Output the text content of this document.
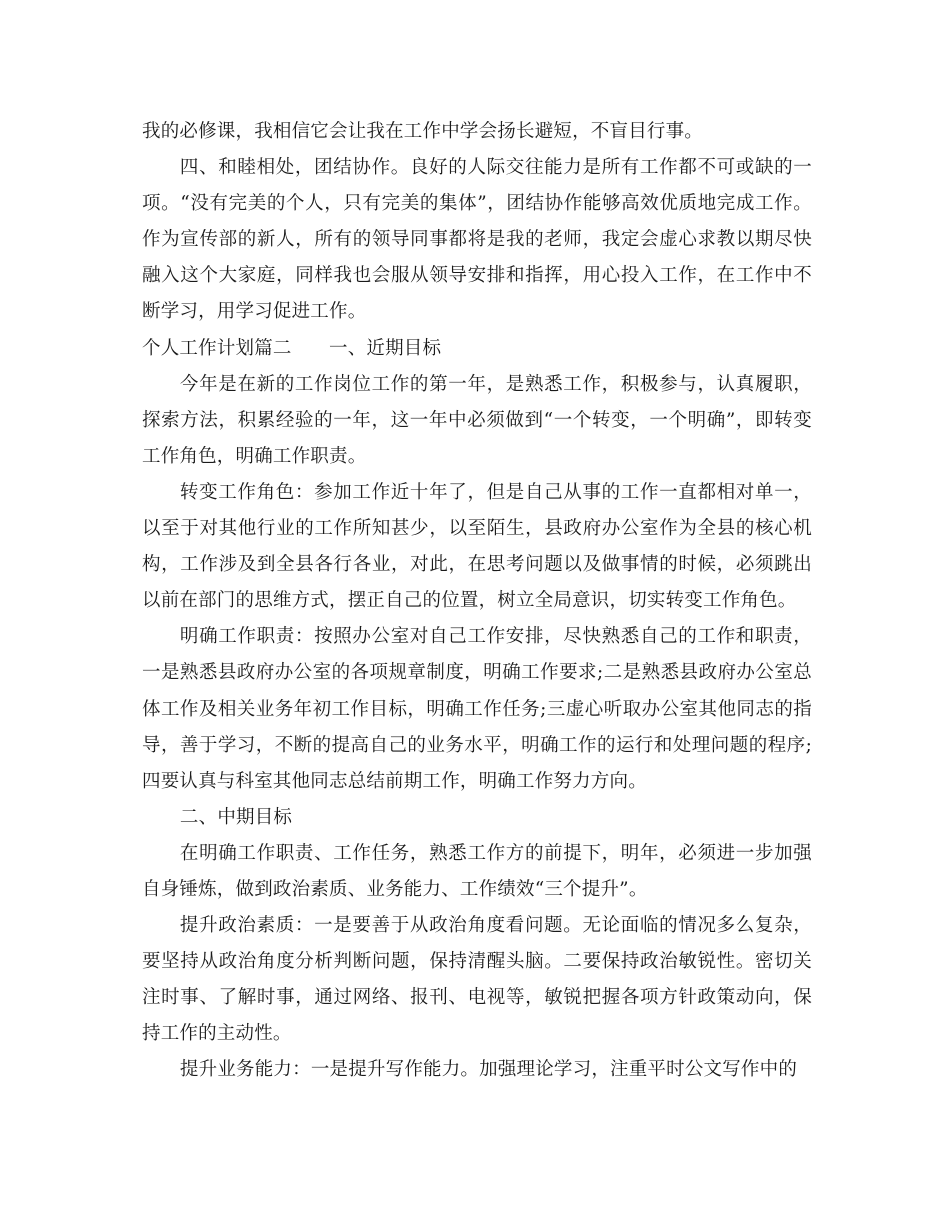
我的必修课，我相信它会让我在工作中学会扬长避短，不盲目行事。

四、和睦相处，团结协作。良好的人际交往能力是所有工作都不可或缺的一项。“没有完美的个人，只有完美的集体”，团结协作能够高效优质地完成工作。作为宣传部的新人，所有的领导同事都将是我的老师，我定会虚心求教以期尽快融入这个大家庭，同样我也会服从领导安排和指挥，用心投入工作，在工作中不断学习，用学习促进工作。

个人工作计划篇二　　一、近期目标

今年是在新的工作岗位工作的第一年，是熟悉工作，积极参与，认真履职，探索方法，积累经验的一年，这一年中必须做到“一个转变，一个明确”，即转变工作角色，明确工作职责。

转变工作角色：参加工作近十年了，但是自己从事的工作一直都相对单一，以至于对其他行业的工作所知甚少，以至陌生，县政府办公室作为全县的核心机构，工作涉及到全县各行各业，对此，在思考问题以及做事情的时候，必须跳出以前在部门的思维方式，摆正自己的位置，树立全局意识，切实转变工作角色。

明确工作职责：按照办公室对自己工作安排，尽快熟悉自己的工作和职责，一是熟悉县政府办公室的各项规章制度，明确工作要求;二是熟悉县政府办公室总体工作及相关业务年初工作目标，明确工作任务;三虚心听取办公室其他同志的指导，善于学习，不断的提高自己的业务水平，明确工作的运行和处理问题的程序;四要认真与科室其他同志总结前期工作，明确工作努力方向。

二、中期目标

在明确工作职责、工作任务，熟悉工作方的前提下，明年，必须进一步加强自身锤炼，做到政治素质、业务能力、工作绩效“三个提升”。

提升政治素质：一是要善于从政治角度看问题。无论面临的情况多么复杂，要坚持从政治角度分析判断问题，保持清醒头脑。二要保持政治敏锐性。密切关注时事、了解时事，通过网络、报刊、电视等，敏锐把握各项方针政策动向，保持工作的主动性。

提升业务能力：一是提升写作能力。加强理论学习，注重平时公文写作中的
